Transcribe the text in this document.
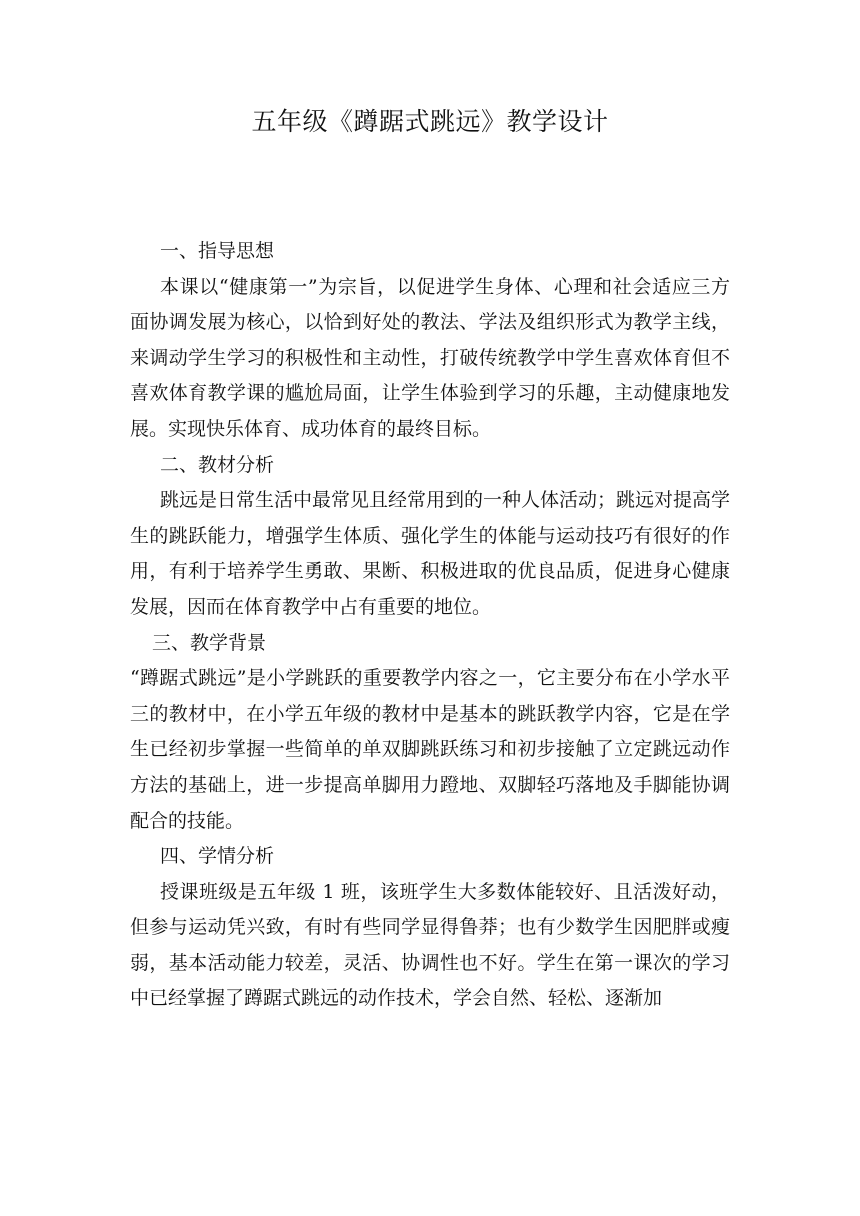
五年级《蹲踞式跳远》教学设计
一、指导思想

本课以“健康第一”为宗旨，以促进学生身体、心理和社会适应三方面协调发展为核心，以恰到好处的教法、学法及组织形式为教学主线，来调动学生学习的积极性和主动性，打破传统教学中学生喜欢体育但不喜欢体育教学课的尴尬局面，让学生体验到学习的乐趣，主动健康地发展。实现快乐体育、成功体育的最终目标。

二、教材分析

跳远是日常生活中最常见且经常用到的一种人体活动；跳远对提高学生的跳跃能力，增强学生体质、强化学生的体能与运动技巧有很好的作用，有利于培养学生勇敢、果断、积极进取的优良品质，促进身心健康发展，因而在体育教学中占有重要的地位。

三、教学背景

“蹲踞式跳远”是小学跳跃的重要教学内容之一，它主要分布在小学水平三的教材中，在小学五年级的教材中是基本的跳跃教学内容，它是在学生已经初步掌握一些简单的单双脚跳跃练习和初步接触了立定跳远动作方法的基础上，进一步提高单脚用力蹬地、双脚轻巧落地及手脚能协调配合的技能。

四、学情分析

授课班级是五年级 1 班，该班学生大多数体能较好、且活泼好动，但参与运动凭兴致，有时有些同学显得鲁莽；也有少数学生因肥胖或瘦弱，基本活动能力较差，灵活、协调性也不好。学生在第一课次的学习中已经掌握了蹲踞式跳远的动作技术，学会自然、轻松、逐渐加
